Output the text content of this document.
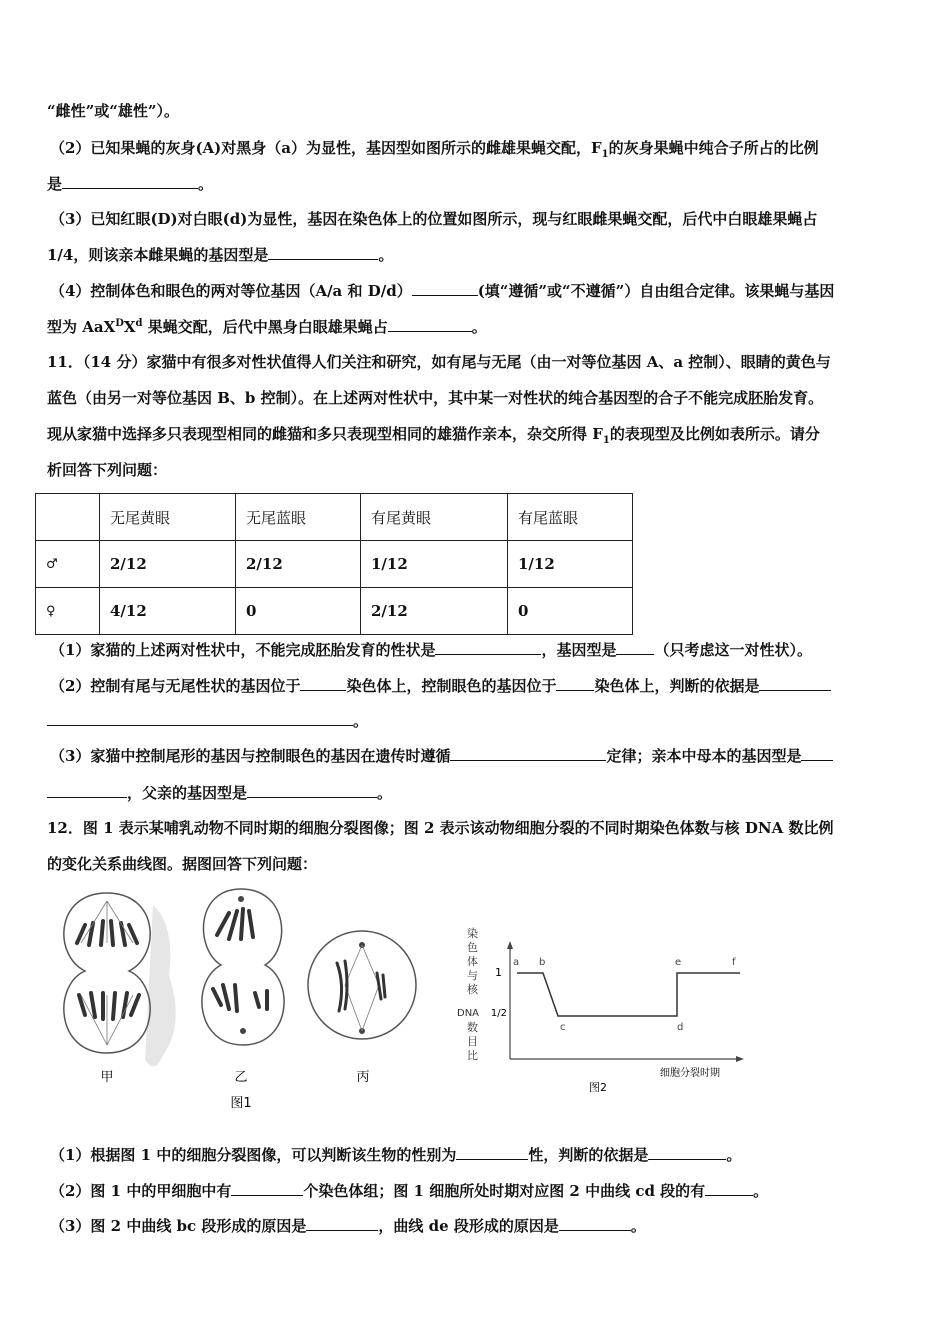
“雌性”或“雄性”）。
（2）已知果蝇的灰身(A)对黑身（a）为显性，基因型如图所示的雌雄果蝇交配，$F_1$的灰身果蝇中纯合子所占的比例
是	。
（3）已知红眼(D)对白眼(d)为显性，基因在染色体上的位置如图所示，现与红眼雌果蝇交配，后代中白眼雄果蝇占
1/4，则该亲本雌果蝇的基因型是	。
（4）控制体色和眼色的两对等位基因（A/a 和 D/d）	(填“遵循”或“不遵循”）自由组合定律。该果蝇与基因
型为 $AaX^DX^d$ 果蝇交配，后代中黑身白眼雄果蝇占	。
11．（14 分）家猫中有很多对性状值得人们关注和研究，如有尾与无尾（由一对等位基因 A、a 控制）、眼睛的黄色与
蓝色（由另一对等位基因 B、b 控制）。在上述两对性状中，其中某一对性状的纯合基因型的合子不能完成胚胎发育。
现从家猫中选择多只表现型相同的雌猫和多只表现型相同的雄猫作亲本，杂交所得 $F_1$的表现型及比例如表所示。请分
析回答下列问题：
	无尾黄眼	无尾蓝眼	有尾黄眼	有尾蓝眼
♂	2/12	2/12	1/12	1/12
♀	4/12	0	2/12	0
（1）家猫的上述两对性状中，不能完成胚胎发育的性状是	，基因型是	（只考虑这一对性状）。
（2）控制有尾与无尾性状的基因位于	染色体上，控制眼色的基因位于	染色体上，判断的依据是
。
（3）家猫中控制尾形的基因与控制眼色的基因在遗传时遵循	定律；亲本中母本的基因型是
，父亲的基因型是	。
12．图 1 表示某哺乳动物不同时期的细胞分裂图像；图 2 表示该动物细胞分裂的不同时期染色体数与核 DNA 数比例
的变化关系曲线图。据图回答下列问题：
甲	乙	丙
图1
染
色
体
与
核
DNA
数
目
比
1
1/2
a b
c	d
e	f
细胞分裂时期
图2
（1）根据图 1 中的细胞分裂图像，可以判断该生物的性别为	性，判断的依据是	。
（2）图 1 中的甲细胞中有	个染色体组；图 1 细胞所处时期对应图 2 中曲线 cd 段的有	。
（3）图 2 中曲线 bc 段形成的原因是	，曲线 de 段形成的原因是	。
